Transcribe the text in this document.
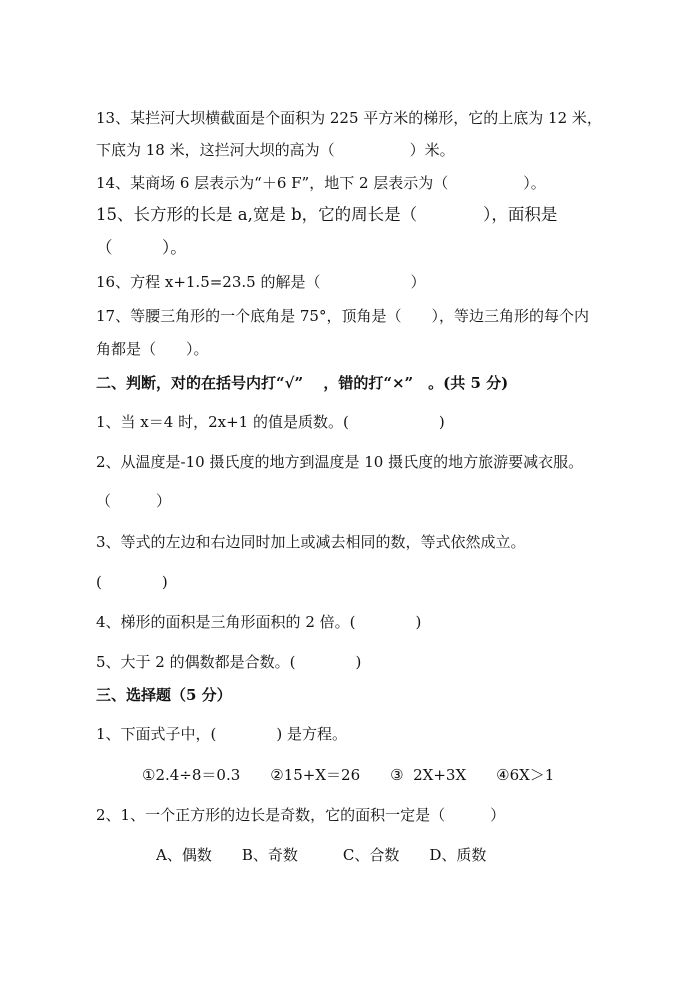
13、某拦河大坝横截面是个面积为 225 平方米的梯形，它的上底为 12 米，
下底为 18 米，这拦河大坝的高为（　　　　　）米。
14、某商场 6 层表示为“＋6 F”，地下 2 层表示为（　　　　　）。
15、长方形的长是 a,宽是 b，它的周长是（　　　　），面积是
（　　　）。
16、方程 x+1.5=23.5 的解是（　　　　　　）
17、等腰三角形的一个底角是 75°，顶角是（　　），等边三角形的每个内
角都是（　　）。
二、判断，对的在括号内打“√”　 ，错的打“×”　。(共 5 分)
1、当 x＝4 时，2x+1 的值是质数。(　　　　　　)
2、从温度是-10 摄氏度的地方到温度是 10 摄氏度的地方旅游要减衣服。
（　　　）
3、等式的左边和右边同时加上或减去相同的数，等式依然成立。
(　　　　)
4、梯形的面积是三角形面积的 2 倍。(　　　　)
5、大于 2 的偶数都是合数。(　　　　)
三、选择题（5 分）
1、下面式子中，(　　　　) 是方程。
①2.4÷8＝0.3　　②15+X＝26　　③  2X+3X　　④6X＞1
2、1、一个正方形的边长是奇数，它的面积一定是（　　　）
A、偶数　　B、奇数　　　C、合数　　D、质数
